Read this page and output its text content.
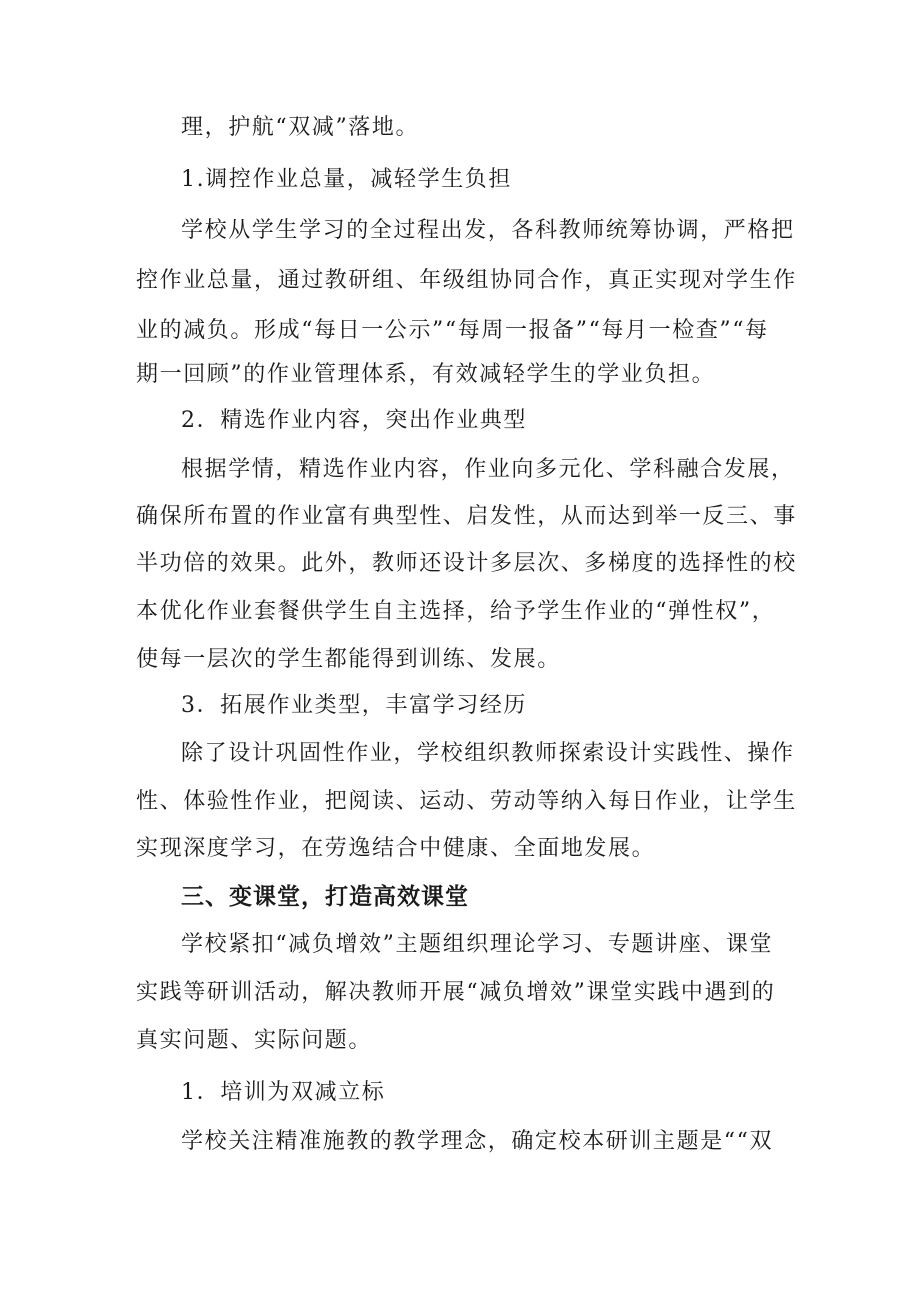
理，护航“双减”落地。
1.调控作业总量，减轻学生负担
学校从学生学习的全过程出发，各科教师统筹协调，严格把
控作业总量，通过教研组、年级组协同合作，真正实现对学生作
业的减负。形成“每日一公示”“每周一报备”“每月一检查”“每
期一回顾”的作业管理体系，有效减轻学生的学业负担。
2．精选作业内容，突出作业典型
根据学情，精选作业内容，作业向多元化、学科融合发展，
确保所布置的作业富有典型性、启发性，从而达到举一反三、事
半功倍的效果。此外，教师还设计多层次、多梯度的选择性的校
本优化作业套餐供学生自主选择，给予学生作业的“弹性权”，
使每一层次的学生都能得到训练、发展。
3．拓展作业类型，丰富学习经历
除了设计巩固性作业，学校组织教师探索设计实践性、操作
性、体验性作业，把阅读、运动、劳动等纳入每日作业，让学生
实现深度学习，在劳逸结合中健康、全面地发展。
三、变课堂，打造高效课堂
学校紧扣“减负增效”主题组织理论学习、专题讲座、课堂
实践等研训活动，解决教师开展“减负增效”课堂实践中遇到的
真实问题、实际问题。
1．培训为双减立标
学校关注精准施教的教学理念，确定校本研训主题是““双
